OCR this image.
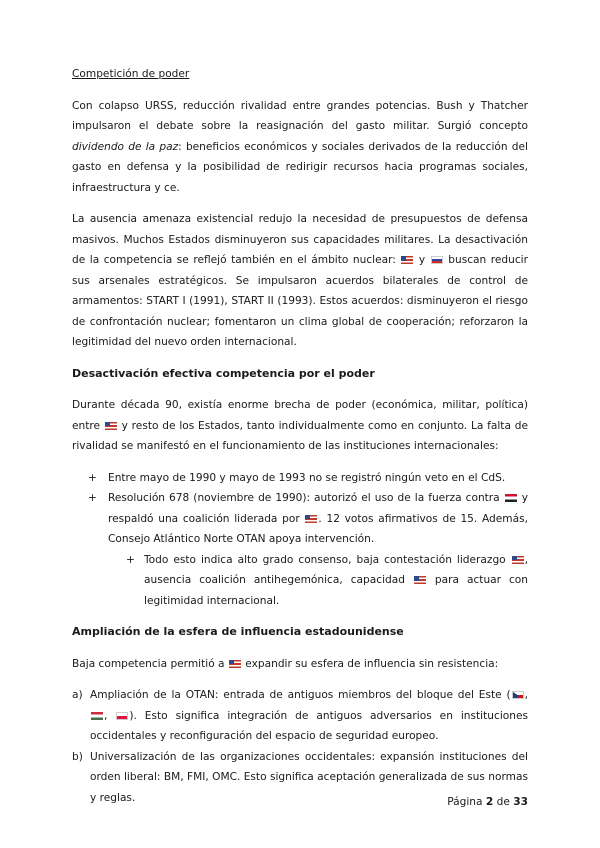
Competición de poder

Con colapso URSS, reducción rivalidad entre grandes potencias. Bush y Thatcher impulsaron el debate sobre la reasignación del gasto militar. Surgió concepto dividendo de la paz: beneficios económicos y sociales derivados de la reducción del gasto en defensa y la posibilidad de redirigir recursos hacia programas sociales, infraestructura y ce.

La ausencia amenaza existencial redujo la necesidad de presupuestos de defensa masivos. Muchos Estados disminuyeron sus capacidades militares. La desactivación de la competencia se reflejó también en el ámbito nuclear:  y  buscan reducir sus arsenales estratégicos. Se impulsaron acuerdos bilaterales de control de armamentos: START I (1991), START II (1993). Estos acuerdos: disminuyeron el riesgo de confrontación nuclear; fomentaron un clima global de cooperación; reforzaron la legitimidad del nuevo orden internacional.

Desactivación efectiva competencia por el poder

Durante década 90, existía enorme brecha de poder (económica, militar, política) entre  y resto de los Estados, tanto individualmente como en conjunto. La falta de rivalidad se manifestó en el funcionamiento de las instituciones internacionales:

+ Entre mayo de 1990 y mayo de 1993 no se registró ningún veto en el CdS.
+ Resolución 678 (noviembre de 1990): autorizó el uso de la fuerza contra  y respaldó una coalición liderada por . 12 votos afirmativos de 15. Además, Consejo Atlántico Norte OTAN apoya intervención.
+ Todo esto indica alto grado consenso, baja contestación liderazgo , ausencia coalición antihegemónica, capacidad  para actuar con legitimidad internacional.

Ampliación de la esfera de influencia estadounidense

Baja competencia permitió a  expandir su esfera de influencia sin resistencia:

a) Ampliación de la OTAN: entrada de antiguos miembros del bloque del Este ( , , ). Esto significa integración de antiguos adversarios en instituciones occidentales y reconfiguración del espacio de seguridad europeo.
b) Universalización de las organizaciones occidentales: expansión instituciones del orden liberal: BM, FMI, OMC. Esto significa aceptación generalizada de sus normas y reglas.	Página 2 de 33
